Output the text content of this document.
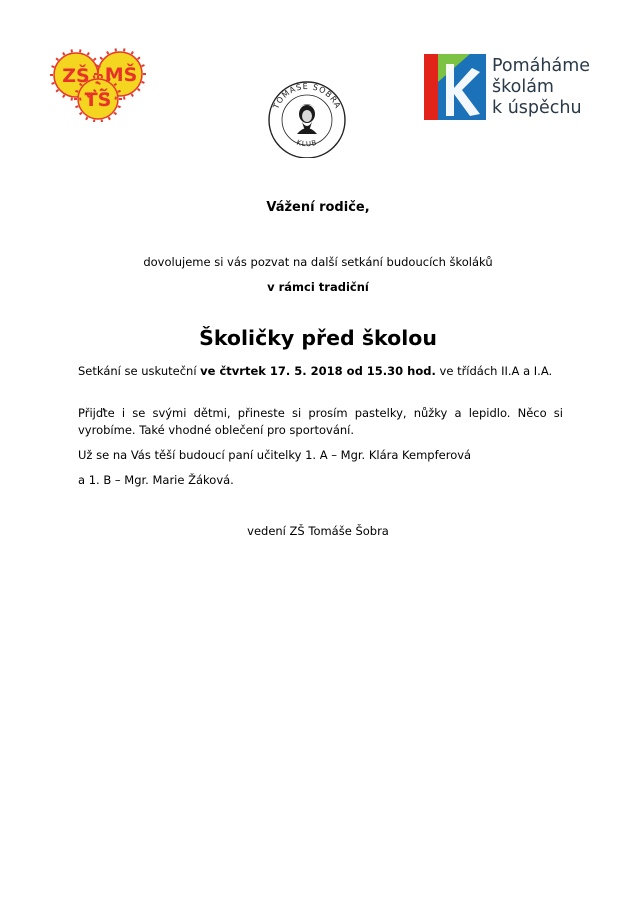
ZŠ MŠ
TŠ	TOMÁŠE ŠOBRA
KLUB
Pomáháme
školám
k úspěchu
Vážení rodiče,
dovolujeme si vás pozvat na další setkání budoucích školáků
v rámci tradiční
Školičky před školou
Setkání se uskuteční ve čtvrtek 17. 5. 2018 od 15.30 hod. ve třídách II.A a I.A.
Přijďte i se svými dětmi, přineste si prosím pastelky, nůžky a lepidlo. Něco si vyrobíme. Také vhodné oblečení pro sportování.
Už se na Vás těší budoucí paní učitelky 1. A – Mgr. Klára Kempferová
a 1. B – Mgr. Marie Žáková.
vedení ZŠ Tomáše Šobra
